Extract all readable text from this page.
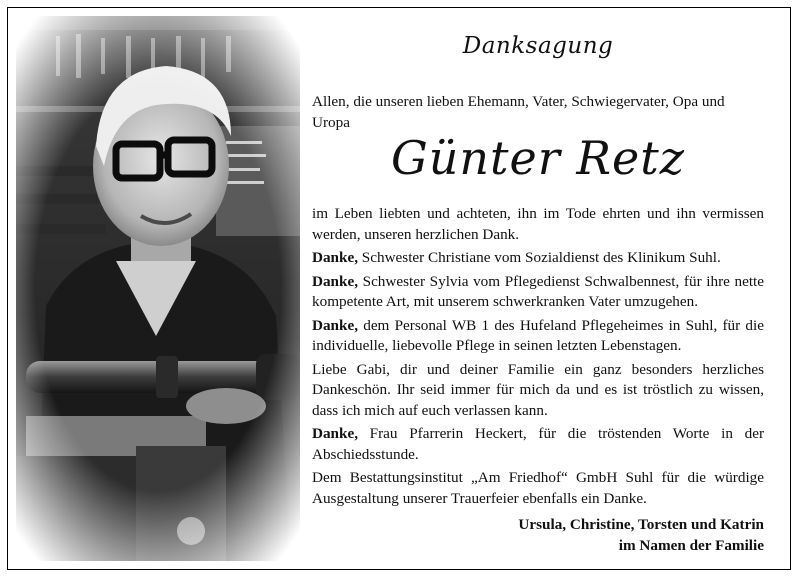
Danksagung

Allen, die unseren lieben Ehemann, Vater, Schwiegervater, Opa und Uropa

Günter Retz

im Leben liebten und achteten, ihn im Tode ehrten und ihn vermissen werden, unseren herzlichen Dank.

Danke, Schwester Christiane vom Sozialdienst des Klinikum Suhl.

Danke, Schwester Sylvia vom Pflegedienst Schwalbennest, für ihre nette kompetente Art, mit unserem schwerkranken Vater umzugehen.

Danke, dem Personal WB 1 des Hufeland Pflegeheimes in Suhl, für die individuelle, liebevolle Pflege in seinen letzten Lebenstagen.

Liebe Gabi, dir und deiner Familie ein ganz besonders herzliches Dankeschön. Ihr seid immer für mich da und es ist tröstlich zu wissen, dass ich mich auf euch verlassen kann.

Danke, Frau Pfarrerin Heckert, für die tröstenden Worte in der Abschiedsstunde.

Dem Bestattungsinstitut „Am Friedhof“ GmbH Suhl für die würdige Ausgestaltung unserer Trauerfeier ebenfalls ein Danke.

Ursula, Christine, Torsten und Katrin
im Namen der Familie
